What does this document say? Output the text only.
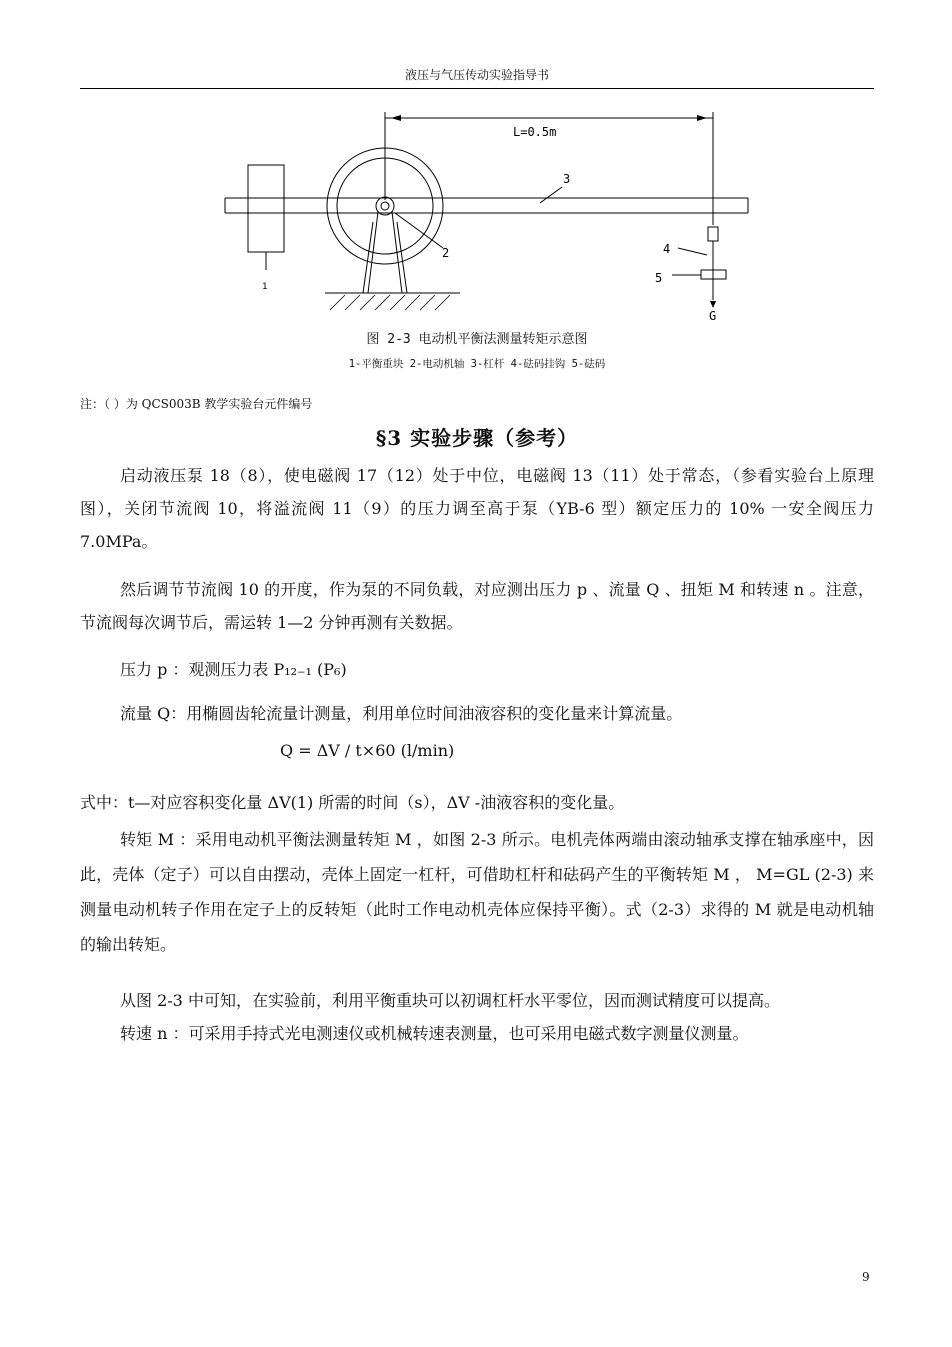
液压与气压传动实验指导书
L=0.5m
3
2	4
5
1
G
图 2-3 电动机平衡法测量转矩示意图
1-平衡重块 2-电动机轴 3-杠杆 4-砝码挂钩 5-砝码
注：（ ）为 QCS003B 教学实验台元件编号
§3 实验步骤（参考）
启动液压泵 18（8），使电磁阀 17（12）处于中位，电磁阀 13（11）处于常态，（参看实验台上原理图），关闭节流阀 10，将溢流阀 11（9）的压力调至高于泵（YB-6 型）额定压力的 10% 一安全阀压力 7.0MPa。
然后调节节流阀 10 的开度，作为泵的不同负载，对应测出压力 p 、流量 Q 、扭矩 M 和转速 n 。注意，节流阀每次调节后，需运转 1—2 分钟再测有关数据。
压力 p ：观测压力表 P₁₂₋₁ (P₆)
流量 Q：用椭圆齿轮流量计测量，利用单位时间油液容积的变化量来计算流量。
Q = ΔV / t×60 (l/min)
式中：t—对应容积变化量 ΔV(1) 所需的时间（s），ΔV -油液容积的变化量。
转矩 M ：采用电动机平衡法测量转矩 M ，如图 2-3 所示。电机壳体两端由滚动轴承支撑在轴承座中，因此，壳体（定子）可以自由摆动，壳体上固定一杠杆，可借助杠杆和砝码产生的平衡转矩 M ， M=GL (2-3) 来测量电动机转子作用在定子上的反转矩（此时工作电动机壳体应保持平衡）。式（2-3）求得的 M 就是电动机轴的输出转矩。
从图 2-3 中可知，在实验前，利用平衡重块可以初调杠杆水平零位，因而测试精度可以提高。
转速 n ：可采用手持式光电测速仪或机械转速表测量，也可采用电磁式数字测量仪测量。
9
